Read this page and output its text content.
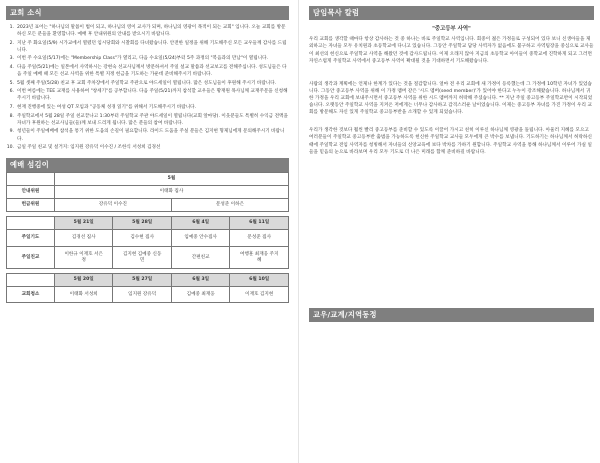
교회 소식
1. 2023년 표어는 "하나님의 말씀이 법이 되고, 하나님의 영이 교사가 되며, 하나님의 영광이 목적이 되는 교회" 입니다. 오늘 교회를 방문하신 모든 분들을 환영합니다. 예배 후 안내위원의 안내를 받으시기 바랍니다.
2. 지난 주 화요일(5/9) 시가교에서 열렸던 임시당회와 시찰회를 다녀왔습니다. 안전한 일정을 위해 기도해주신 모든 교우들께 감사를 드립니다.
3. 이번 주 수요일(5/17)에는 "Membership Class"가 열리고, 다음 수요일(5/24)부터 5주 과정의 "복음과의 만남"이 열립니다.
4. 다음 주일(5/21)에는 일본에서 사역하시는 강현숙 선교사님께서 방문하셔서 주일 설교 말씀과 선교보고를 전해주십니다. 성도님들은 다음 주일 예배 때 모든 선교 사역을 위한 특별 지정 헌금을 기도하는 가운데 준비해주시기 바랍니다.
5. 5월 셋째 주일(5/28) 친교 후 교회 주차장에서 주일학교 주관으로 야드세일이 열립니다. 많은 성도님들이 후원해 주시기 바랍니다.
6. 이번 여름에는 TEE 교재를 사용하여 "창세기"를 공부합니다. 다음 주일(5/21)까지 참석할 교우들은 황재원 목사님께 교재주문을 신청해주시기 바랍니다.
7. 현재 진행중에 있는 여성 QT 모임과 "공동체 성경 읽기"를 위해서 기도해주시기 바랍니다.
8. 주일학교에서 5월 28일 주일 친교끝나고 1:30부터 주일학교 주관 야드세일이 열립니다(교회 앞마당). 이웃분들도 특별히 수익금 전액을 자녀가 후원하는 선교사님들(들)께 보내 드리게 됩니다. 많은 분들의 참여 바랍니다.
9. 청년들이 주일예배에 참석을 통기 위한 도움의 손길이 필요합니다. 라이드 도움을 주실 분들은 김지현 형제님에게 문의해주시기 바랍니다.
10. 금일 주일 친교 및 설거지: 임지원 강유덕 이수진 / 조한식 서성희 김경선
예배 섬김이
	5월			
안내위원	이태화 집사			
헌금위원	강유덕 이수진		문성준 이하은	

	5월 21일	5월 28일	6월 4일	6월 11일
주일기도	김경선 집사	김수현 집사	임예중 안수집사	문성준 집사
주일친교	이한규 이재호 서은정	김지현 김예중 신동민	간편친교	여행훈 최재웅 주지혜

	5월 20일	5월 27일	6월 3일	6월 10일
교회청소	이태화 서성희	임지원 강유덕	김예중 최재웅	이재호 김지현
담임목사 칼럼
"중고등부 사역"

우리 교회를 생각할 때마다 항상 감사하는 것 중 하나는 바로 주일학교 사역입니다. 회중이 젊은 가정들로 구성되어 있다 보니 신생아들을 제외하고는 자녀들 모두 유치원과 초등학교에 다니고 있습니다. 그동안 주일학교 담당 사역자가 없음에도 불구하고 사역팀장을 중심으로 교사들이 최선의 헌신으로 주일학교 사역을 해왔던 것에 감사드립니다. 이제 오래지 않아 지금의 초등학교 아이들이 중학교에 진학하게 되고 그러면 자연스럽게 주일학교 사역에서 중고등부 사역이 확대될 것을 기대하면서 기도해왔습니다.

사람의 생각과 계획에는 언제나 한계가 있다는 것을 절감합니다. 얼마 전 우리 교회에 새 가정이 등록했는데 그 가정에 10학년 자녀가 있었습니다. 그동안 중고등부 사역을 위해 이 가정 맴버 같은 '시드 멤버(seed member)'가 있어야 한다고 누누이 강조해왔습니다. 하나님께서 귀한 가정을 우리 교회에 보내주시면서 중고등부 사역을 위한 시드 멤버까지 허락해 주셨습니다. ** 지난 주일 중고등부 주일학교반이 시작되었습니다. 오랫동안 주일학교 사역을 지켜온 저에게는 너무나 감사하고 감격스러운 날이었습니다. 이제는 중고등부 자녀를 가진 가정이 우리 교회를 방문해도 자신 있게 주일학교 중고등부반을 소개할 수 있게 되었습니다.

우리가 생각한 것보다 훨씬 빨리 중고등부를 준비할 수 있도록 이끌어 가시고 친히 이루신 하나님께 영광을 돌립니다. 아울러 지혜를 모으고 여러분들이 주일학교 중고등부반 출범을 가능하도록 헌신한 주일학교 교사들 모두에게 큰 박수를 보냅니다. 기도하기는 하나님께서 허락하신 때에 주일학교 전임 사역자를 청빙해서 자녀들의 신앙교육에 보다 박차를 가하기 원합니다. 주일학교 사역을 통해 하나님께서 이루어 가실 일들을 믿음의 눈으로 바라보며 우리 모두 기도로 더 나은 미래를 함께 준비하길 바랍니다.

교우/교계/지역동정
